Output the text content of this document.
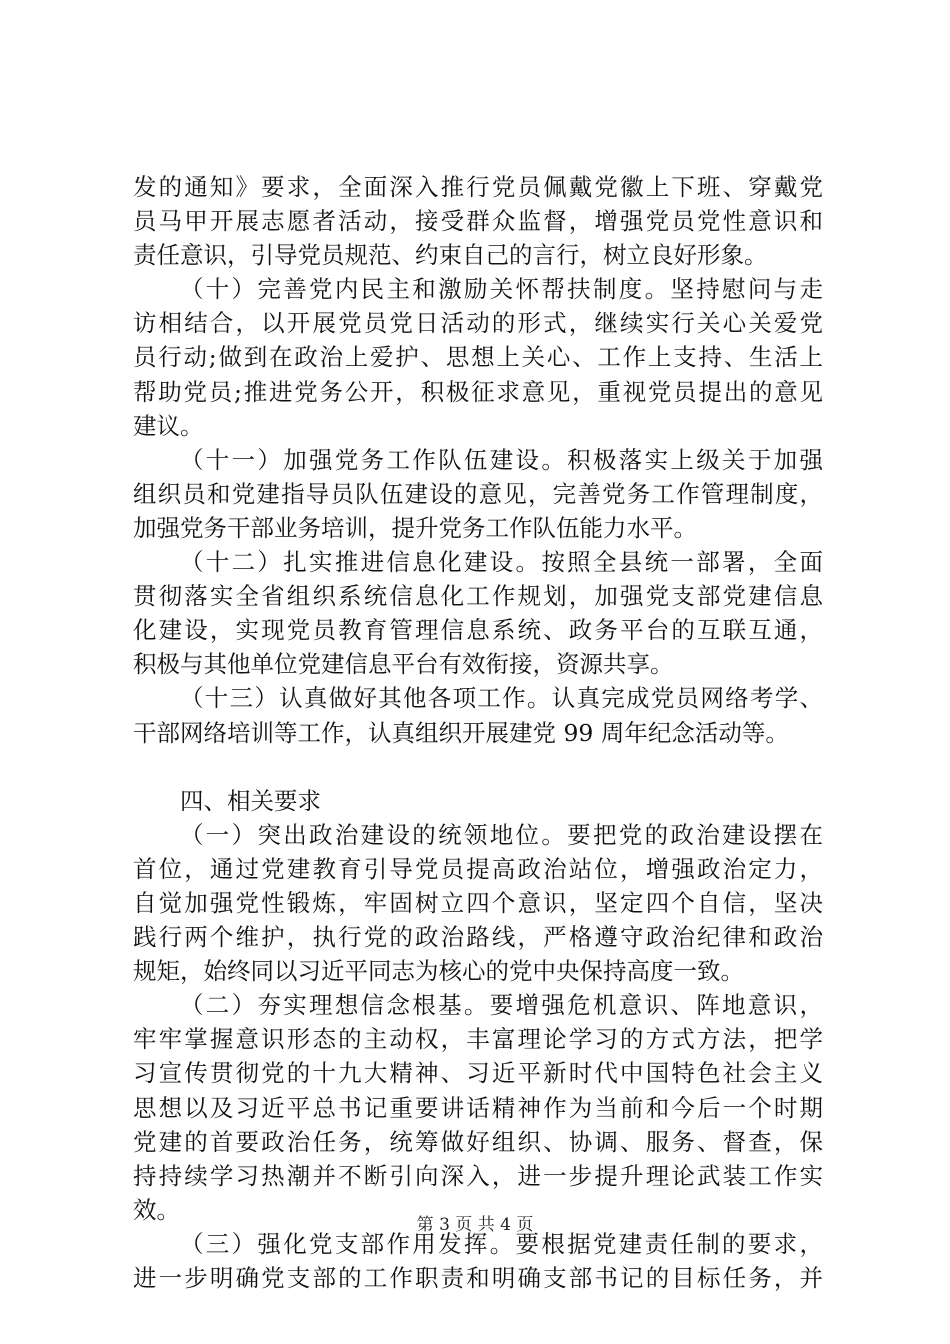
发的通知》要求，全面深入推行党员佩戴党徽上下班、穿戴党
员马甲开展志愿者活动，接受群众监督，增强党员党性意识和
责任意识，引导党员规范、约束自己的言行，树立良好形象。
（十）完善党内民主和激励关怀帮扶制度。坚持慰问与走
访相结合，以开展党员党日活动的形式，继续实行关心关爱党
员行动;做到在政治上爱护、思想上关心、工作上支持、生活上
帮助党员;推进党务公开，积极征求意见，重视党员提出的意见
建议。
（十一）加强党务工作队伍建设。积极落实上级关于加强
组织员和党建指导员队伍建设的意见，完善党务工作管理制度，
加强党务干部业务培训，提升党务工作队伍能力水平。
（十二）扎实推进信息化建设。按照全县统一部署，全面
贯彻落实全省组织系统信息化工作规划，加强党支部党建信息
化建设，实现党员教育管理信息系统、政务平台的互联互通，
积极与其他单位党建信息平台有效衔接，资源共享。
（十三）认真做好其他各项工作。认真完成党员网络考学、
干部网络培训等工作，认真组织开展建党 99 周年纪念活动等。
四、相关要求
（一）突出政治建设的统领地位。要把党的政治建设摆在
首位，通过党建教育引导党员提高政治站位，增强政治定力，
自觉加强党性锻炼，牢固树立四个意识，坚定四个自信，坚决
践行两个维护，执行党的政治路线，严格遵守政治纪律和政治
规矩，始终同以习近平同志为核心的党中央保持高度一致。
（二）夯实理想信念根基。要增强危机意识、阵地意识，
牢牢掌握意识形态的主动权，丰富理论学习的方式方法，把学
习宣传贯彻党的十九大精神、习近平新时代中国特色社会主义
思想以及习近平总书记重要讲话精神作为当前和今后一个时期
党建的首要政治任务，统筹做好组织、协调、服务、督查，保
持持续学习热潮并不断引向深入，进一步提升理论武装工作实
效。
（三）强化党支部作用发挥。要根据党建责任制的要求，
进一步明确党支部的工作职责和明确支部书记的目标任务，并
第 3 页 共 4 页
